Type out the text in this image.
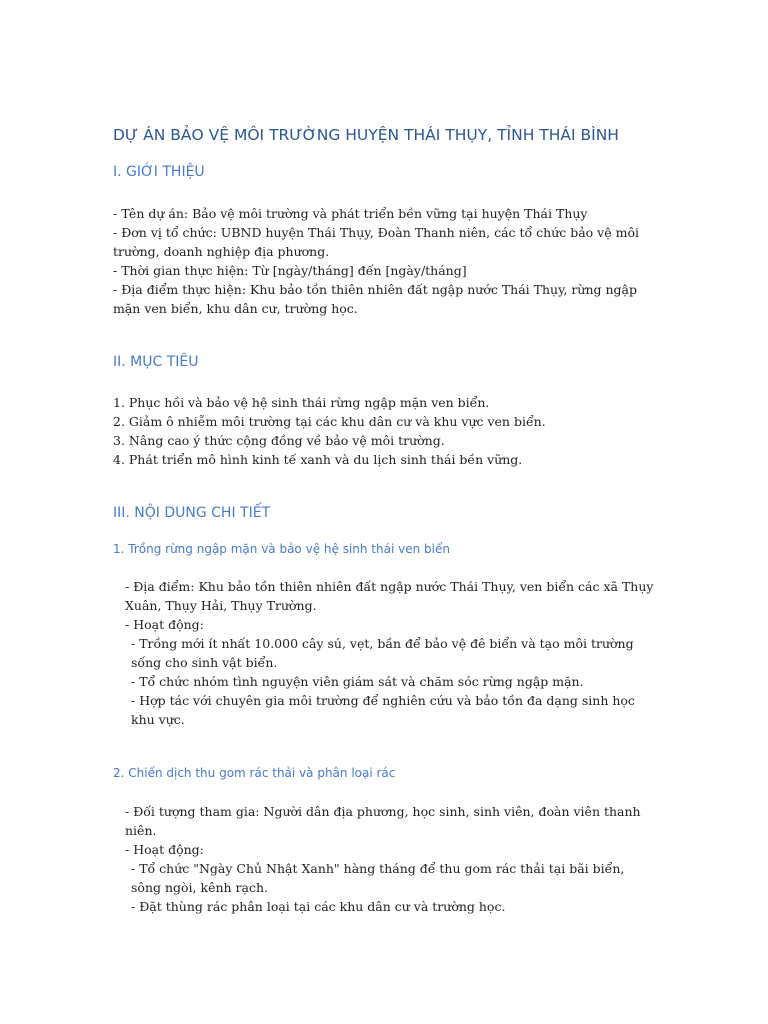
DỰ ÁN BẢO VỆ MÔI TRƯỜNG HUYỆN THÁI THỤY, TỈNH THÁI BÌNH
I. GIỚI THIỆU

- Tên dự án: Bảo vệ môi trường và phát triển bền vững tại huyện Thái Thụy

- Đơn vị tổ chức: UBND huyện Thái Thụy, Đoàn Thanh niên, các tổ chức bảo vệ môi trường, doanh nghiệp địa phương.

- Thời gian thực hiện: Từ [ngày/tháng] đến [ngày/tháng]

- Địa điểm thực hiện: Khu bảo tồn thiên nhiên đất ngập nước Thái Thụy, rừng ngập mặn ven biển, khu dân cư, trường học.

II. MỤC TIÊU

1. Phục hồi và bảo vệ hệ sinh thái rừng ngập mặn ven biển.

2. Giảm ô nhiễm môi trường tại các khu dân cư và khu vực ven biển.

3. Nâng cao ý thức cộng đồng về bảo vệ môi trường.

4. Phát triển mô hình kinh tế xanh và du lịch sinh thái bền vững.

III. NỘI DUNG CHI TIẾT
1. Trồng rừng ngập mặn và bảo vệ hệ sinh thái ven biển

- Địa điểm: Khu bảo tồn thiên nhiên đất ngập nước Thái Thụy, ven biển các xã Thụy Xuân, Thụy Hải, Thụy Trường.

- Hoạt động:

- Trồng mới ít nhất 10.000 cây sú, vẹt, bần để bảo vệ đê biển và tạo môi trường sống cho sinh vật biển.

- Tổ chức nhóm tình nguyện viên giám sát và chăm sóc rừng ngập mặn.

- Hợp tác với chuyên gia môi trường để nghiên cứu và bảo tồn đa dạng sinh học khu vực.

2. Chiến dịch thu gom rác thải và phân loại rác

- Đối tượng tham gia: Người dân địa phương, học sinh, sinh viên, đoàn viên thanh niên.

- Hoạt động:

- Tổ chức "Ngày Chủ Nhật Xanh" hàng tháng để thu gom rác thải tại bãi biển, sông ngòi, kênh rạch.

- Đặt thùng rác phân loại tại các khu dân cư và trường học.
